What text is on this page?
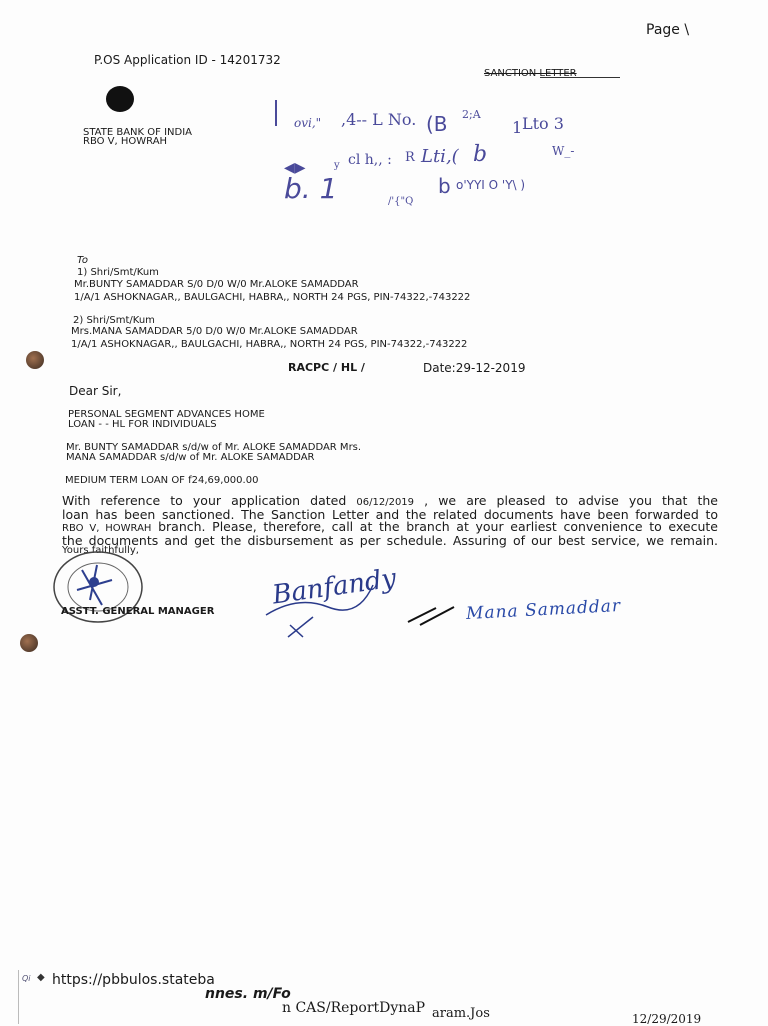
Page \
P.OS Application ID - 14201732
SANCTION LETTER
STATE BANK OF INDIA
RBO V, HOWRAH
ovi," ,4-- L No. (B 2;A
1 Lto 3
◀▶	y cl h,, : R Lti,( b	W_-
b. 1	/'{"Q
b o'YYI O 'Y\ )
To
1) Shri/Smt/Kum
Mr.BUNTY SAMADDAR S/0 D/0 W/0 Mr.ALOKE SAMADDAR
1/A/1 ASHOKNAGAR,, BAULGACHI, HABRA,, NORTH 24 PGS, PIN-74322,-743222
2) Shri/Smt/Kum
Mrs.MANA SAMADDAR 5/0 D/0 W/0 Mr.ALOKE SAMADDAR
1/A/1 ASHOKNAGAR,, BAULGACHI, HABRA,, NORTH 24 PGS, PIN-74322,-743222
RACPC / HL /	Date:29-12-2019
Dear Sir,
PERSONAL SEGMENT ADVANCES HOME
LOAN - - HL FOR INDIVIDUALS
Mr. BUNTY SAMADDAR s/d/w of Mr. ALOKE SAMADDAR Mrs.
MANA SAMADDAR s/d/w of Mr. ALOKE SAMADDAR
MEDIUM TERM LOAN OF f24,69,000.00
With reference to your application dated 06/12/2019 , we are pleased to advise you that the
loan has been sanctioned. The Sanction Letter and the related documents have been forwarded to
RBO V, HOWRAH branch. Please, therefore, call at the branch at your earliest convenience to execute
the documents and get the disbursement as per schedule. Assuring of our best service, we remain.
Yours faithfully,
ASSTT. GENERAL MANAGER
Banfandy	Mana Samaddar
Qi ◆ https://pbbulos.stateba
nnes. m/Fo
n CAS/ReportDynaP aram.Jos	12/29/2019
